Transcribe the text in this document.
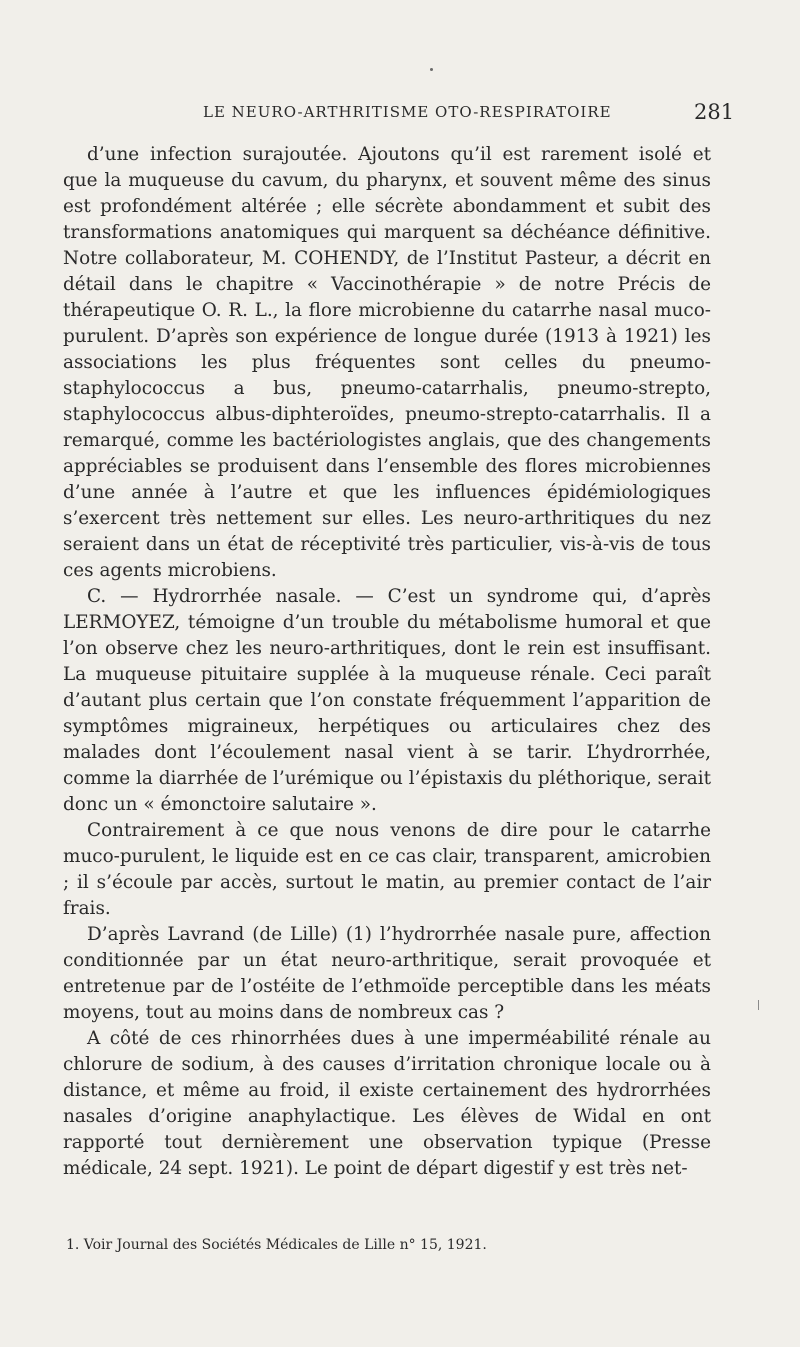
LE NEURO-ARTHRITISME OTO-RESPIRATOIRE	281

d’une infection surajoutée. Ajoutons qu’il est rarement isolé et que la muqueuse du cavum, du pharynx, et souvent même des sinus est profondément altérée ; elle sécrète abondamment et subit des transformations anatomiques qui marquent sa déchéance définitive. Notre collaborateur, M. COHENDY, de l’Institut Pasteur, a décrit en détail dans le chapitre « Vaccinothérapie » de notre Précis de thérapeutique O. R. L., la flore microbienne du catarrhe nasal muco-purulent. D’après son expérience de longue durée (1913 à 1921) les associations les plus fréquentes sont celles du pneumo-staphylococcus a bus, pneumo-catarrhalis, pneumo-strepto, staphylococcus albus-diphteroïdes, pneumo-strepto-catarrhalis. Il a remarqué, comme les bactériologistes anglais, que des changements appréciables se produisent dans l’ensemble des flores microbiennes d’une année à l’autre et que les influences épidémiologiques s’exercent très nettement sur elles. Les neuro-arthritiques du nez seraient dans un état de réceptivité très particulier, vis-à-vis de tous ces agents microbiens.

C. — Hydrorrhée nasale. — C’est un syndrome qui, d’après LERMOYEZ, témoigne d’un trouble du métabolisme humoral et que l’on observe chez les neuro-arthritiques, dont le rein est insuffisant. La muqueuse pituitaire supplée à la muqueuse rénale. Ceci paraît d’autant plus certain que l’on constate fréquemment l’apparition de symptômes migraineux, herpétiques ou articulaires chez des malades dont l’écoulement nasal vient à se tarir. L’hydrorrhée, comme la diarrhée de l’urémique ou l’épistaxis du pléthorique, serait donc un « émonctoire salutaire ».

Contrairement à ce que nous venons de dire pour le catarrhe muco-purulent, le liquide est en ce cas clair, transparent, amicrobien ; il s’écoule par accès, surtout le matin, au premier contact de l’air frais.

D’après Lavrand (de Lille) (1) l’hydrorrhée nasale pure, affection conditionnée par un état neuro-arthritique, serait provoquée et entretenue par de l’ostéite de l’ethmoïde perceptible dans les méats moyens, tout au moins dans de nombreux cas ?

A côté de ces rhinorrhées dues à une imperméabilité rénale au chlorure de sodium, à des causes d’irritation chronique locale ou à distance, et même au froid, il existe certainement des hydrorrhées nasales d’origine anaphylactique. Les élèves de Widal en ont rapporté tout dernièrement une observation typique (Presse médicale, 24 sept. 1921). Le point de départ digestif y est très net-

1. Voir Journal des Sociétés Médicales de Lille n° 15, 1921.
